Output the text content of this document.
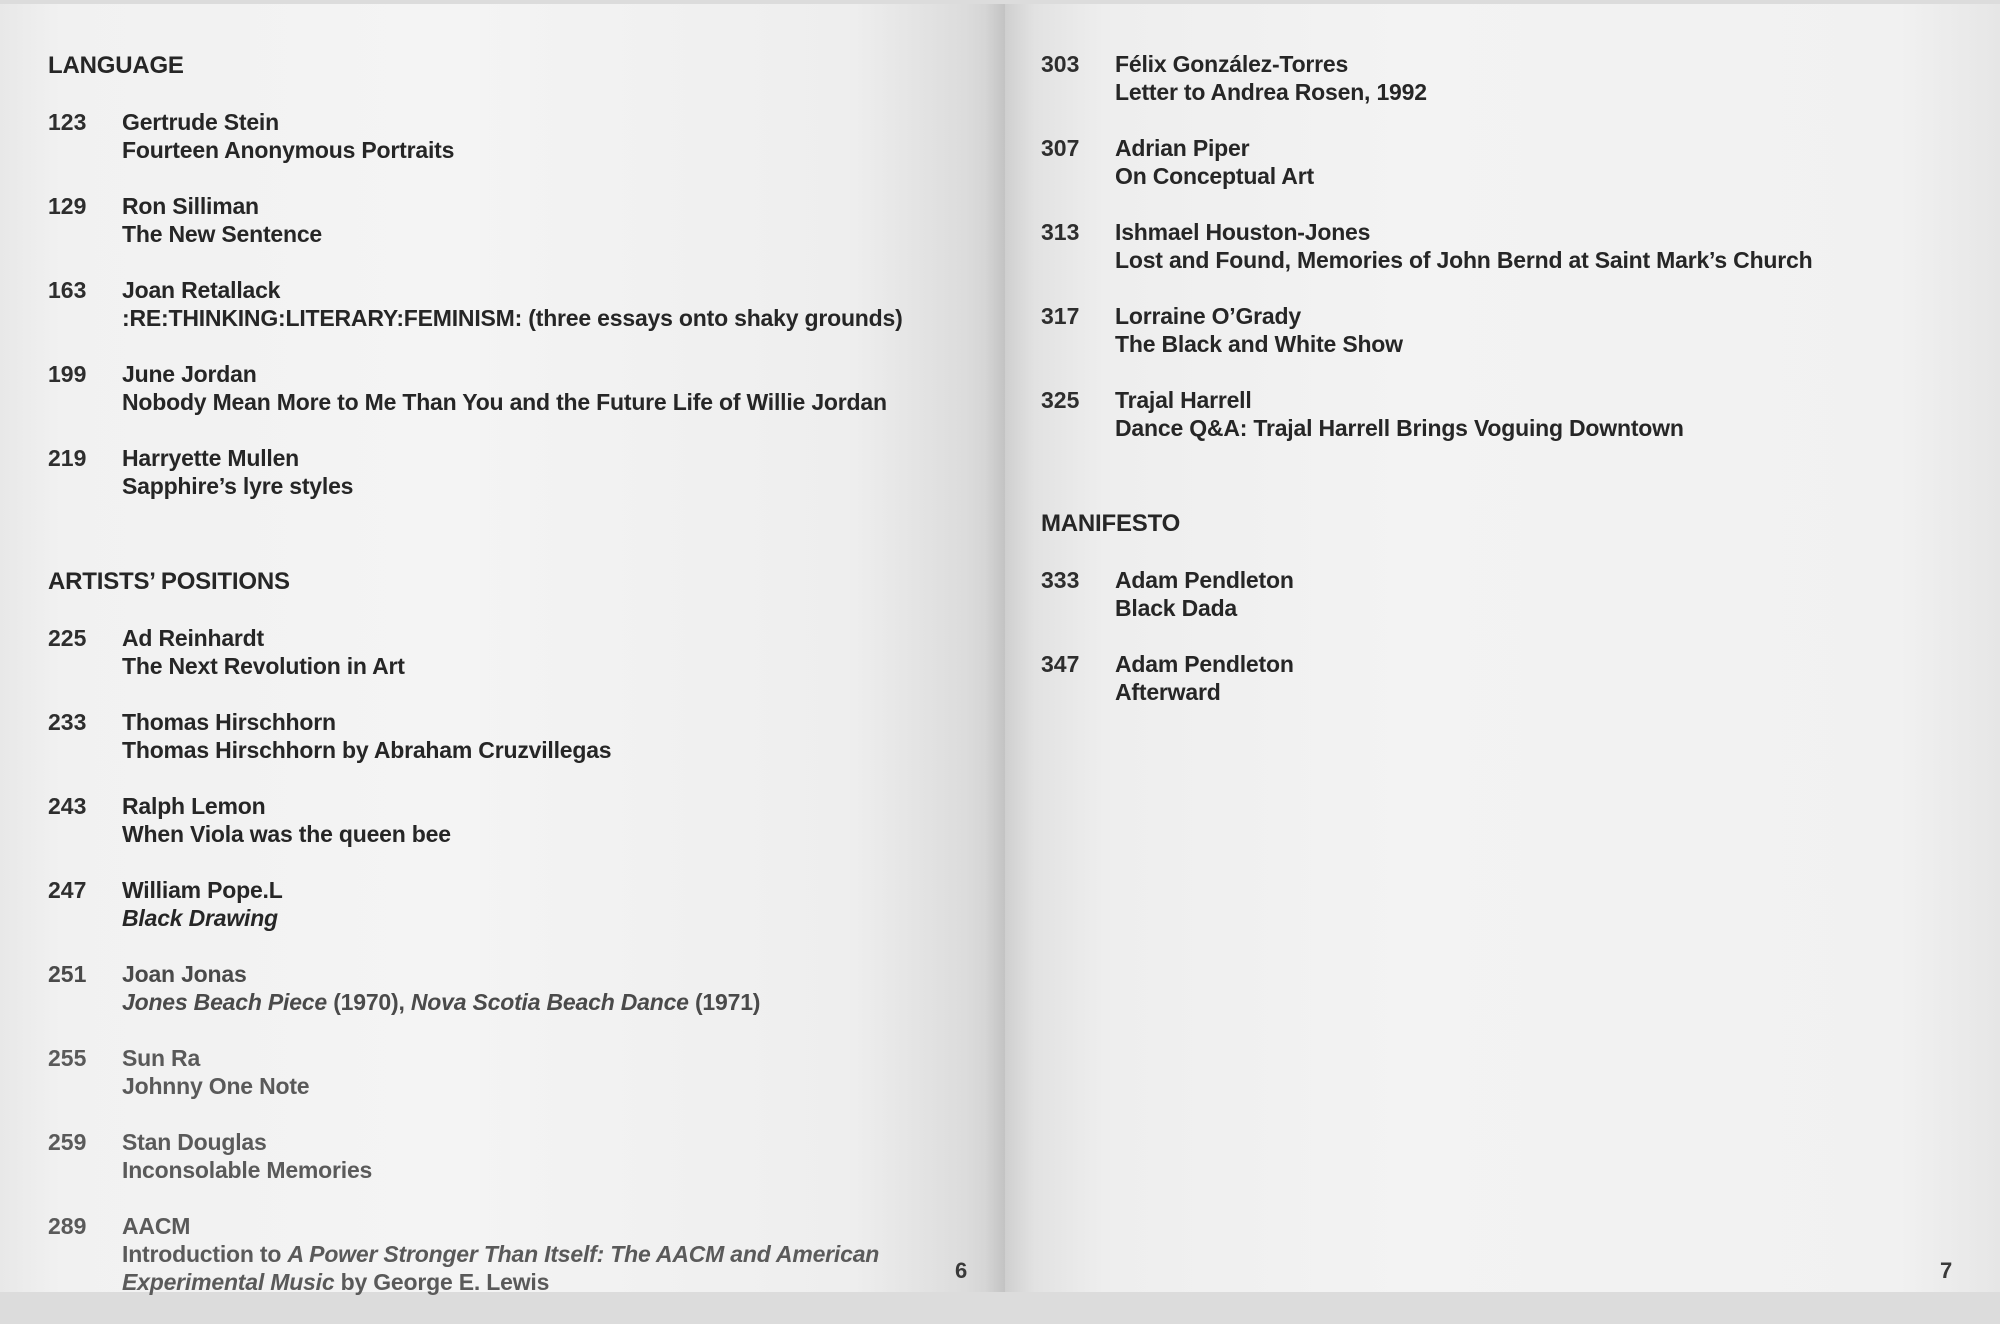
LANGUAGE
123	Gertrude Stein
Fourteen Anonymous Portraits
129	Ron Silliman
The New Sentence
163	Joan Retallack
:RE:THINKING:LITERARY:FEMINISM: (three essays onto shaky grounds)
199	June Jordan
Nobody Mean More to Me Than You and the Future Life of Willie Jordan
219	Harryette Mullen
Sapphire’s lyre styles
ARTISTS’ POSITIONS
225	Ad Reinhardt
The Next Revolution in Art
233	Thomas Hirschhorn
Thomas Hirschhorn by Abraham Cruzvillegas
243	Ralph Lemon
When Viola was the queen bee
247	William Pope.L
Black Drawing
251	Joan Jonas
Jones Beach Piece (1970), Nova Scotia Beach Dance (1971)
255	Sun Ra
Johnny One Note
259	Stan Douglas
Inconsolable Memories
289	AACM
Introduction to A Power Stronger Than Itself: The AACM and American
Experimental Music by George E. Lewis	6
303	Félix González-Torres
Letter to Andrea Rosen, 1992
307	Adrian Piper
On Conceptual Art
313	Ishmael Houston-Jones
Lost and Found, Memories of John Bernd at Saint Mark’s Church
317	Lorraine O’Grady
The Black and White Show
325	Trajal Harrell
Dance Q&A: Trajal Harrell Brings Voguing Downtown
MANIFESTO
333	Adam Pendleton
Black Dada
347	Adam Pendleton
Afterward
7
